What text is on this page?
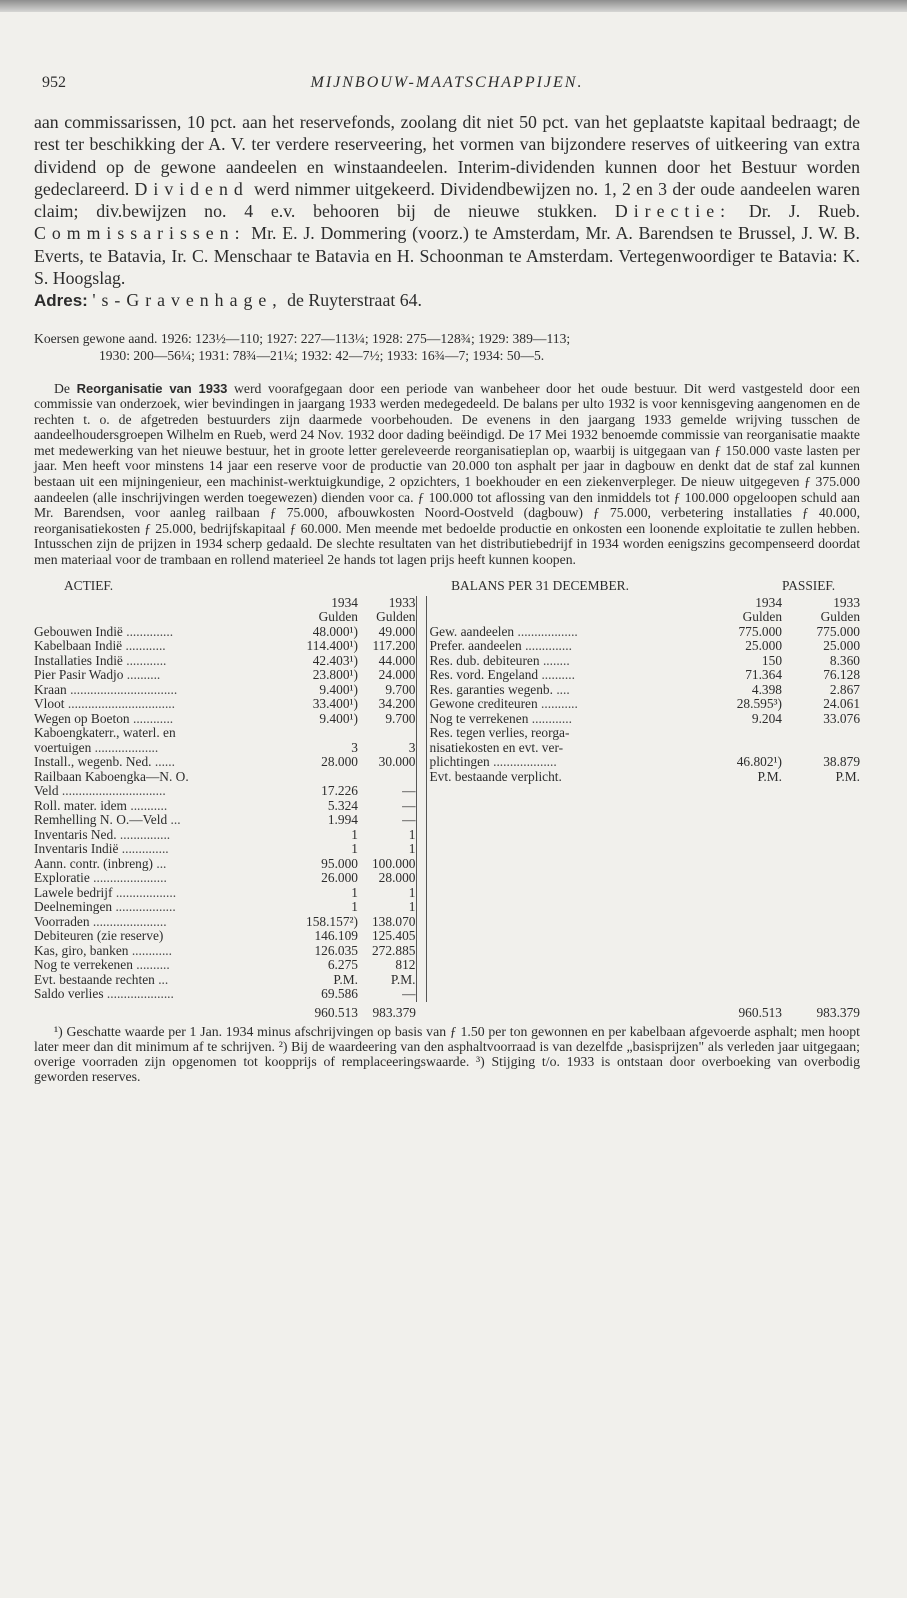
952	MIJNBOUW-MAATSCHAPPIJEN.

aan commissarissen, 10 pct. aan het reservefonds, zoolang dit niet 50 pct. van het geplaatste kapitaal bedraagt; de rest ter beschikking der A. V. ter verdere reserveering, het vormen van bijzondere reserves of uitkeering van extra dividend op de gewone aandeelen en winstaandeelen. Interim-dividenden kunnen door het Bestuur worden gedeclareerd. Dividend werd nimmer uitgekeerd. Dividendbewijzen no. 1, 2 en 3 der oude aandeelen waren claim; div.bewijzen no. 4 e.v. behooren bij de nieuwe stukken. Directie: Dr. J. Rueb. Commissarissen: Mr. E. J. Dommering (voorz.) te Amsterdam, Mr. A. Barendsen te Brussel, J. W. B. Everts, te Batavia, Ir. C. Menschaar te Batavia en H. Schoonman te Amsterdam. Vertegenwoordiger te Batavia: K. S. Hoogslag.
Adres: 's-Gravenhage, de Ruyterstraat 64.

Koersen gewone aand. 1926: 123½—110; 1927: 227—113¼; 1928: 275—128¾; 1929: 389—113;
1930: 200—56¼; 1931: 78¾—21¼; 1932: 42—7½; 1933: 16¾—7; 1934: 50—5.
De Reorganisatie van 1933 werd voorafgegaan door een periode van wanbeheer door het oude bestuur. Dit werd vastgesteld door een commissie van onderzoek, wier bevindingen in jaargang 1933 werden medegedeeld. De balans per ulto 1932 is voor kennisgeving aangenomen en de rechten t. o. de afgetreden bestuurders zijn daarmede voorbehouden. De evenens in den jaargang 1933 gemelde wrijving tusschen de aandeelhoudersgroepen Wilhelm en Rueb, werd 24 Nov. 1932 door dading beëindigd. De 17 Mei 1932 benoemde commissie van reorganisatie maakte met medewerking van het nieuwe bestuur, het in groote letter gereleveerde reorganisatieplan op, waarbij is uitgegaan van ƒ 150.000 vaste lasten per jaar. Men heeft voor minstens 14 jaar een reserve voor de productie van 20.000 ton asphalt per jaar in dagbouw en denkt dat de staf zal kunnen bestaan uit een mijningenieur, een machinist-werktuigkundige, 2 opzichters, 1 boekhouder en een ziekenverpleger. De nieuw uitgegeven ƒ 375.000 aandeelen (alle inschrijvingen werden toegewezen) dienden voor ca. ƒ 100.000 tot aflossing van den inmiddels tot ƒ 100.000 opgeloopen schuld aan Mr. Barendsen, voor aanleg railbaan ƒ 75.000, afbouwkosten Noord-Oostveld (dagbouw) ƒ 75.000, verbetering installaties ƒ 40.000, reorganisatiekosten ƒ 25.000, bedrijfskapitaal ƒ 60.000. Men meende met bedoelde productie en onkosten een loonende exploitatie te zullen hebben. Intusschen zijn de prijzen in 1934 scherp gedaald. De slechte resultaten van het distributiebedrijf in 1934 worden eenigszins gecompenseerd doordat men materiaal voor de trambaan en rollend materieel 2e hands tot lagen prijs heeft kunnen koopen.
ACTIEF.	BALANS PER 31 DECEMBER.					PASSIEF.
	1934	1933			1934	1933
	Gulden	Gulden			Gulden	Gulden
Gebouwen Indië ..............	48.000¹)	49.000		Gew. aandeelen ..................	775.000	775.000
Kabelbaan Indië ............	114.400¹)	117.200		Prefer. aandeelen ..............	25.000	25.000
Installaties Indië ............	42.403¹)	44.000		Res. dub. debiteuren ........	150	8.360
Pier Pasir Wadjo ..........	23.800¹)	24.000		Res. vord. Engeland ..........	71.364	76.128
Kraan ................................	9.400¹)	9.700		Res. garanties wegenb. ....	4.398	2.867
Vloot ................................	33.400¹)	34.200		Gewone crediteuren ...........	28.595³)	24.061
Wegen op Boeton ............	9.400¹)	9.700		Nog te verrekenen ............	9.204	33.076
Kaboengkaterr., waterl. en				Res. tegen verlies, reorga-		
voertuigen ...................	3	3		nisatiekosten en evt. ver-		
Install., wegenb. Ned. ......	28.000	30.000		plichtingen ...................	46.802¹)	38.879
Railbaan Kaboengka—N. O.				Evt. bestaande verplicht.	P.M.	P.M.
Veld ...............................	17.226	—				
Roll. mater. idem ...........	5.324	—				
Remhelling N. O.—Veld ...	1.994	—				
Inventaris Ned. ...............	1	1				
Inventaris Indië ..............	1	1				
Aann. contr. (inbreng) ...	95.000	100.000				
Exploratie ......................	26.000	28.000				
Lawele bedrijf ..................	1	1				
Deelnemingen ..................	1	1				
Voorraden ......................	158.157²)	138.070				
Debiteuren (zie reserve)	146.109	125.405				
Kas, giro, banken ............	126.035	272.885				
Nog te verrekenen ..........	6.275	812				
Evt. bestaande rechten ...	P.M.	P.M.				
Saldo verlies ....................	69.586	—				
	960.513	983.379			960.513	983.379
¹) Geschatte waarde per 1 Jan. 1934 minus afschrijvingen op basis van ƒ 1.50 per ton gewonnen en per kabelbaan afgevoerde asphalt; men hoopt later meer dan dit minimum af te schrijven. ²) Bij de waardeering van den asphaltvoorraad is van dezelfde „basisprijzen" als verleden jaar uitgegaan; overige voorraden zijn opgenomen tot koopprijs of remplaceeringswaarde. ³) Stijging t/o. 1933 is ontstaan door overboeking van overbodig geworden reserves.
